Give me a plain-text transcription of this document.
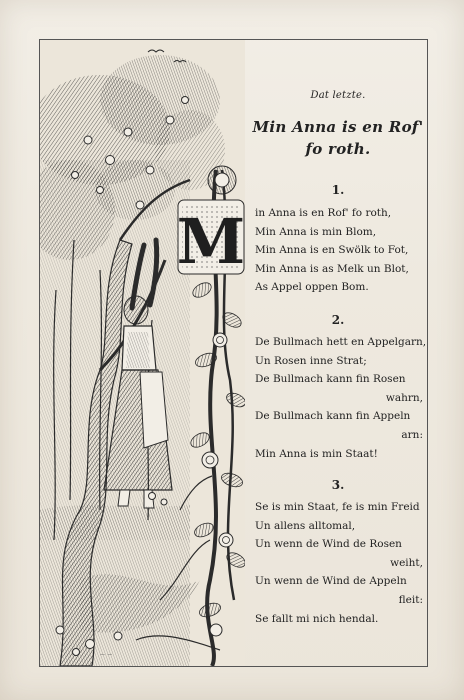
M
— —
Dat letzte.
Min Anna is en Rof'
fo roth.
1.
in Anna is en Rof' fo roth,
Min Anna is min Blom,
Min Anna is en Swölk to Fot,
Min Anna is as Melk un Blot,
As Appel oppen Bom.
2.
De Bullmach hett en Appelgarn,
Un Rosen inne Strat;
De Bullmach kann fin Rosen
wahrn,
De Bullmach kann fin Appeln
arn:
Min Anna is min Staat!
3.
Se is min Staat, fe is min Freid
Un allens alltomal,
Un wenn de Wind de Rosen
weiht,
Un wenn de Wind de Appeln
fleit:
Se fallt mi nich hendal.
